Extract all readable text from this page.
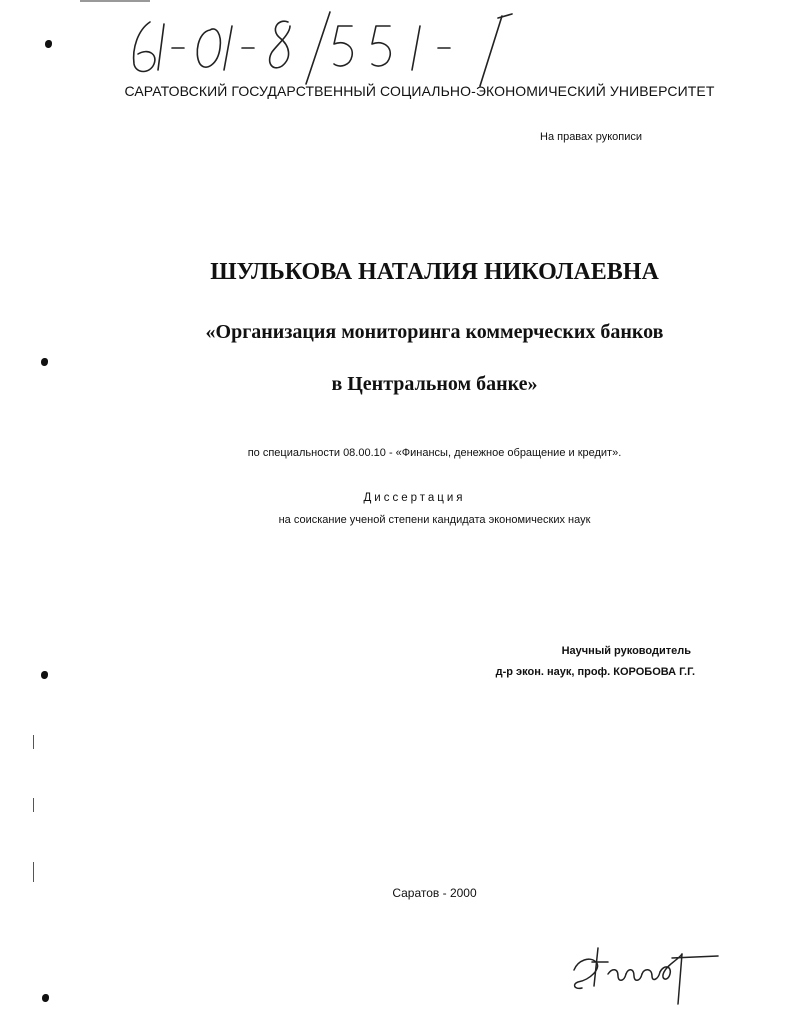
САРАТОВСКИЙ ГОСУДАРСТВЕННЫЙ СОЦИАЛЬНО-ЭКОНОМИЧЕСКИЙ УНИВЕРСИТЕТ
На правах рукописи
ШУЛЬКОВА НАТАЛИЯ НИКОЛАЕВНА
«Организация мониторинга коммерческих банков
в Центральном банке»
по специальности 08.00.10 - «Финансы, денежное обращение и кредит».
Диссертация
на соискание ученой степени кандидата экономических наук
Научный руководитель
д-р экон. наук, проф. КОРОБОВА Г.Г.
Саратов - 2000
